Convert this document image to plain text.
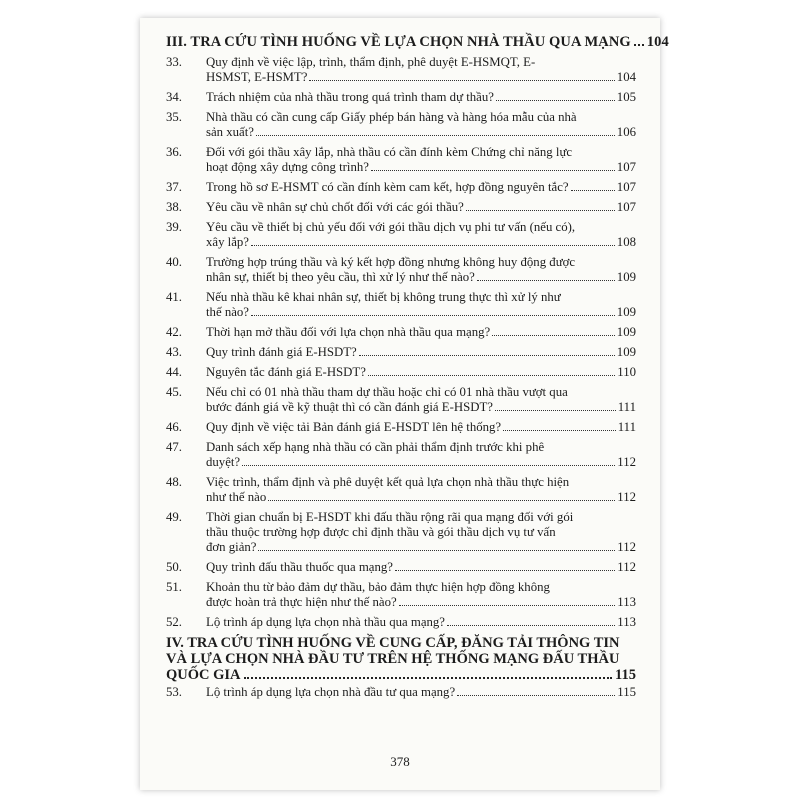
III. TRA CỨU TÌNH HUỐNG VỀ LỰA CHỌN NHÀ THẦU QUA MẠNG 104
33.	Quy định về việc lập, trình, thẩm định, phê duyệt E-HSMQT, E-
HSMST, E-HSMT?	104
34.	Trách nhiệm của nhà thầu trong quá trình tham dự thầu?	105
35.	Nhà thầu có cần cung cấp Giấy phép bán hàng và hàng hóa mẫu của nhà
sản xuất?	106
36.	Đối với gói thầu xây lắp, nhà thầu có cần đính kèm Chứng chỉ năng lực
hoạt động xây dựng công trình?	107
37.	Trong hồ sơ E-HSMT có cần đính kèm cam kết, hợp đồng nguyên tắc?	107
38.	Yêu cầu về nhân sự chủ chốt đối với các gói thầu?	107
39.	Yêu cầu về thiết bị chủ yếu đối với gói thầu dịch vụ phi tư vấn (nếu có),
xây lắp?	108
40.	Trường hợp trúng thầu và ký kết hợp đồng nhưng không huy động được
nhân sự, thiết bị theo yêu cầu, thì xử lý như thế nào?	109
41.	Nếu nhà thầu kê khai nhân sự, thiết bị không trung thực thì xử lý như
thế nào?	109
42.	Thời hạn mở thầu đối với lựa chọn nhà thầu qua mạng?	109
43.	Quy trình đánh giá E-HSDT?	109
44.	Nguyên tắc đánh giá E-HSDT?	110
45.	Nếu chỉ có 01 nhà thầu tham dự thầu hoặc chỉ có 01 nhà thầu vượt qua
bước đánh giá về kỹ thuật thì có cần đánh giá E-HSDT?	111
46.	Quy định về việc tải Bản đánh giá E-HSDT lên hệ thống?	111
47.	Danh sách xếp hạng nhà thầu có cần phải thẩm định trước khi phê
duyệt?	112
48.	Việc trình, thẩm định và phê duyệt kết quả lựa chọn nhà thầu thực hiện
như thế nào	112
49.	Thời gian chuẩn bị E-HSDT khi đấu thầu rộng rãi qua mạng đối với gói
thầu thuộc trường hợp được chỉ định thầu và gói thầu dịch vụ tư vấn
đơn giản?	112
50.	Quy trình đấu thầu thuốc qua mạng?	112
51.	Khoản thu từ bảo đảm dự thầu, bảo đảm thực hiện hợp đồng không
được hoàn trả thực hiện như thế nào?	113
52.	Lộ trình áp dụng lựa chọn nhà thầu qua mạng?	113
IV. TRA CỨU TÌNH HUỐNG VỀ CUNG CẤP, ĐĂNG TẢI THÔNG TIN
VÀ LỰA CHỌN NHÀ ĐẦU TƯ TRÊN HỆ THỐNG MẠNG ĐẤU THẦU
QUỐC GIA	115
53.	Lộ trình áp dụng lựa chọn nhà đầu tư qua mạng?	115
378
